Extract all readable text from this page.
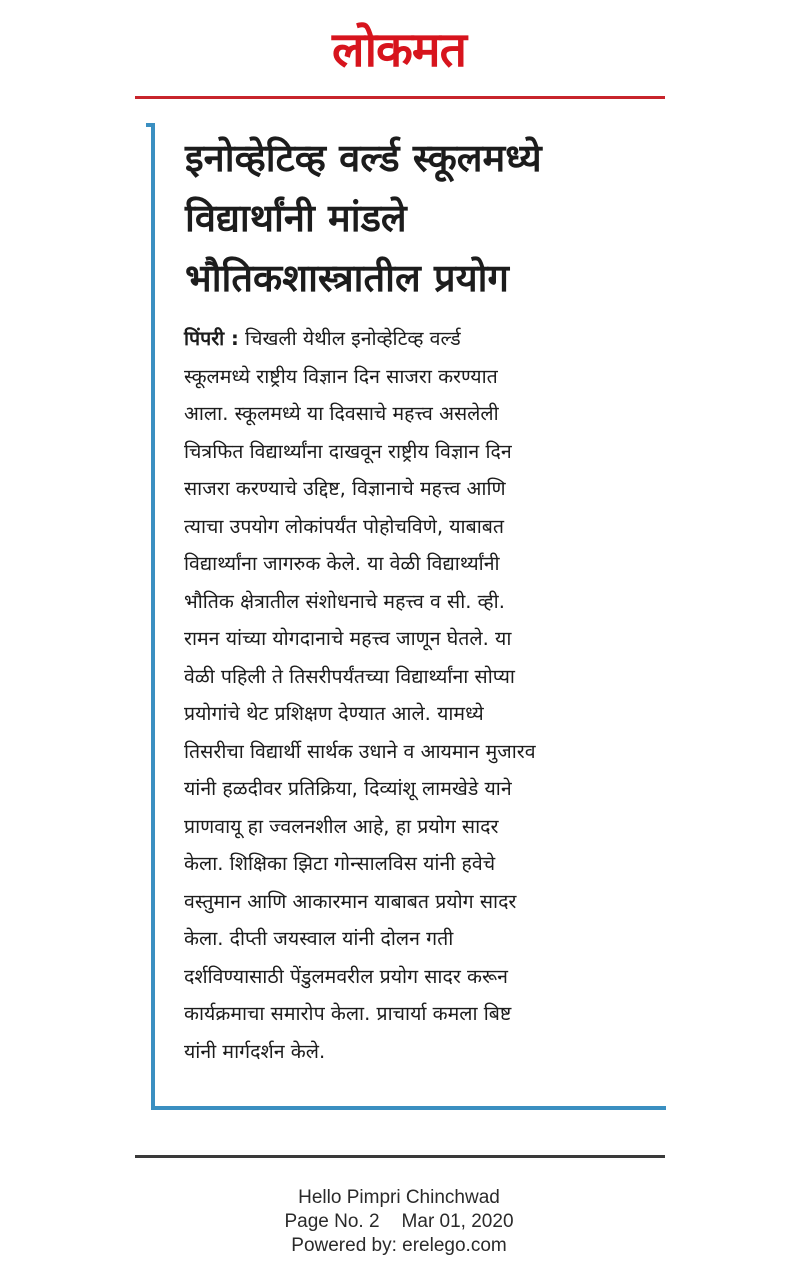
लोकमत
इनोव्हेटिव्ह वर्ल्ड स्कूलमध्ये
विद्यार्थांनी मांडले
भौतिकशास्त्रातील प्रयोग
पिंपरी : चिखली येथील इनोव्हेटिव्ह वर्ल्ड
स्कूलमध्ये राष्ट्रीय विज्ञान दिन साजरा करण्यात
आला. स्कूलमध्ये या दिवसाचे महत्त्व असलेली
चित्रफित विद्यार्थ्यांना दाखवून राष्ट्रीय विज्ञान दिन
साजरा करण्याचे उद्दिष्ट, विज्ञानाचे महत्त्व आणि
त्याचा उपयोग लोकांपर्यंत पोहोचविणे, याबाबत
विद्यार्थ्यांना जागरुक केले. या वेळी विद्यार्थ्यांनी
भौतिक क्षेत्रातील संशोधनाचे महत्त्व व सी. व्ही.
रामन यांच्या योगदानाचे महत्त्व जाणून घेतले. या
वेळी पहिली ते तिसरीपर्यंतच्या विद्यार्थ्यांना सोप्या
प्रयोगांचे थेट प्रशिक्षण देण्यात आले. यामध्ये
तिसरीचा विद्यार्थी सार्थक उधाने व आयमान मुजारव
यांनी हळदीवर प्रतिक्रिया, दिव्यांशू लामखेडे याने
प्राणवायू हा ज्वलनशील आहे, हा प्रयोग सादर
केला. शिक्षिका झिटा गोन्सालविस यांनी हवेचे
वस्तुमान आणि आकारमान याबाबत प्रयोग सादर
केला. दीप्ती जयस्वाल यांनी दोलन गती
दर्शविण्यासाठी पेंडुलमवरील प्रयोग सादर करून
कार्यक्रमाचा समारोप केला. प्राचार्या कमला बिष्ट
यांनी मार्गदर्शन केले.
Hello Pimpri Chinchwad
Page No. 2 Mar 01, 2020
Powered by: erelego.com
